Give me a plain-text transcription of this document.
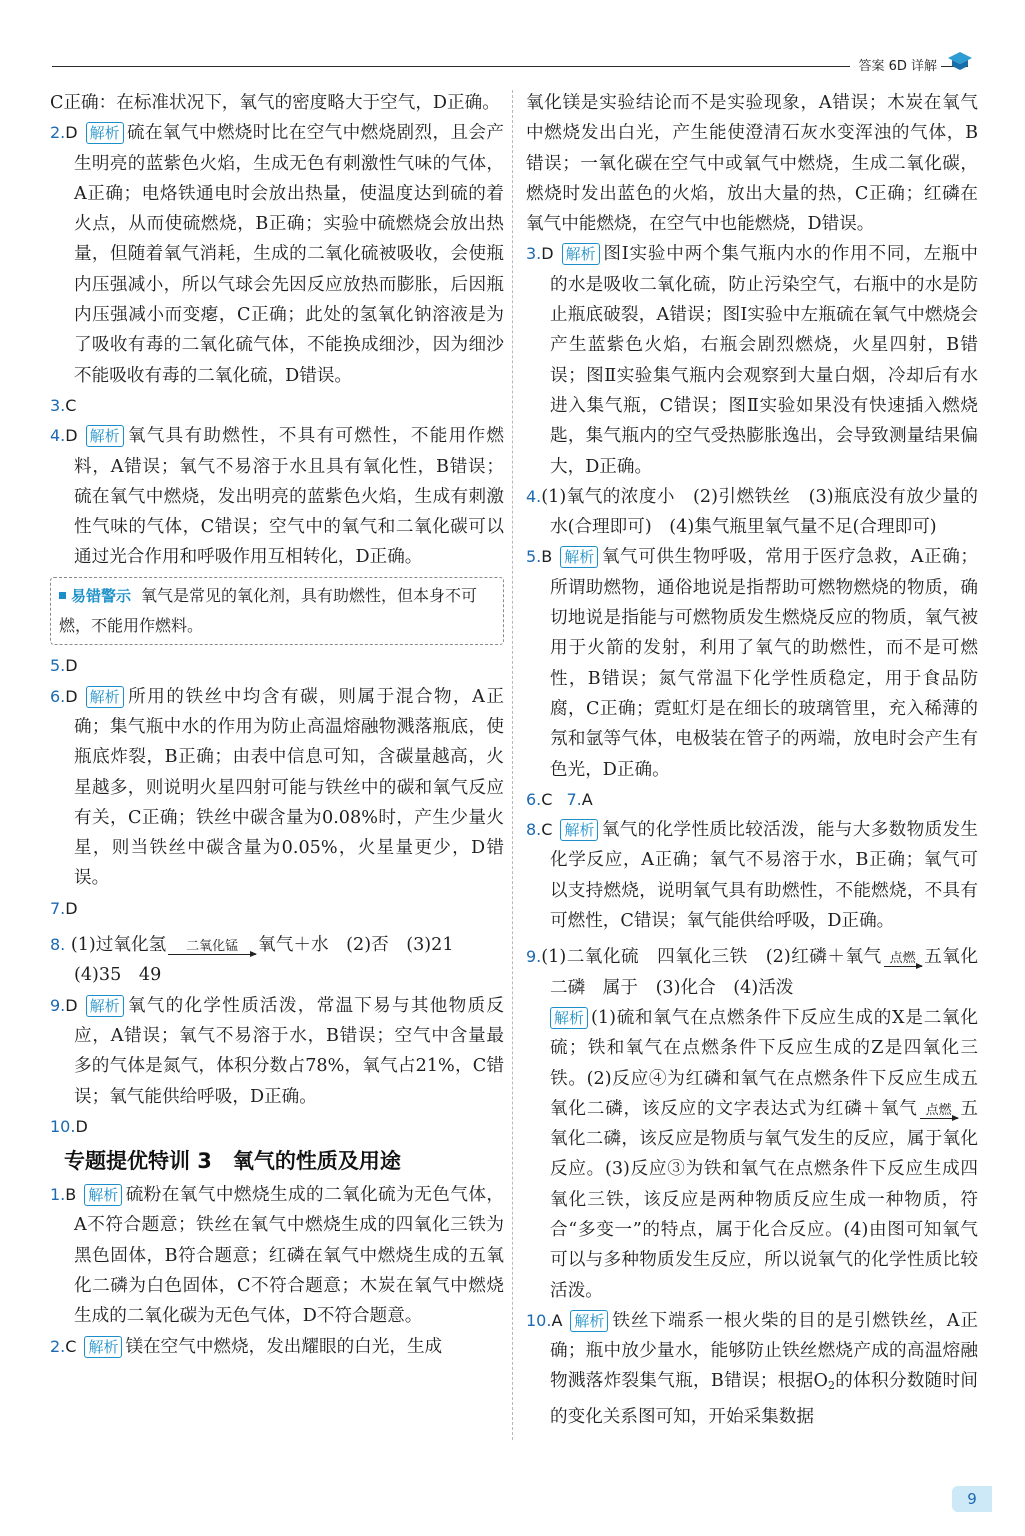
答案 6D 详解

C正确：在标准状况下，氧气的密度略大于空气，D正确。

2.D 解析 硫在氧气中燃烧时比在空气中燃烧剧烈，且会产生明亮的蓝紫色火焰，生成无色有刺激性气味的气体，A正确；电烙铁通电时会放出热量，使温度达到硫的着火点，从而使硫燃烧，B正确；实验中硫燃烧会放出热量，但随着氧气消耗，生成的二氧化硫被吸收，会使瓶内压强减小，所以气球会先因反应放热而膨胀，后因瓶内压强减小而变瘪，C正确；此处的氢氧化钠溶液是为了吸收有毒的二氧化硫气体，不能换成细沙，因为细沙不能吸收有毒的二氧化硫，D错误。

3.C

4.D 解析 氧气具有助燃性，不具有可燃性，不能用作燃料，A错误；氧气不易溶于水且具有氧化性，B错误；硫在氧气中燃烧，发出明亮的蓝紫色火焰，生成有刺激性气味的气体，C错误；空气中的氧气和二氧化碳可以通过光合作用和呼吸作用互相转化，D正确。

易错警示 氧气是常见的氧化剂，具有助燃性，但本身不可燃，不能用作燃料。

5.D

6.D 解析 所用的铁丝中均含有碳，则属于混合物，A正确；集气瓶中水的作用为防止高温熔融物溅落瓶底，使瓶底炸裂，B正确；由表中信息可知，含碳量越高，火星越多，则说明火星四射可能与铁丝中的碳和氧气反应有关，C正确；铁丝中碳含量为0.08%时，产生少量火星，则当铁丝中碳含量为0.05%，火星量更少，D错误。

7.D

8. (1)过氧化氢	二氧化锰	氧气＋水　(2)否　(3)21
(4)35　49

9.D 解析 氧气的化学性质活泼，常温下易与其他物质反应，A错误；氧气不易溶于水，B错误；空气中含量最多的气体是氮气，体积分数占78%，氧气占21%，C错误；氧气能供给呼吸，D正确。

10.D

专题提优特训 3　氧气的性质及用途

1.B 解析 硫粉在氧气中燃烧生成的二氧化硫为无色气体，A不符合题意；铁丝在氧气中燃烧生成的四氧化三铁为黑色固体，B符合题意；红磷在氧气中燃烧生成的五氧化二磷为白色固体，C不符合题意；木炭在氧气中燃烧生成的二氧化碳为无色气体，D不符合题意。

2.C 解析 镁在空气中燃烧，发出耀眼的白光，生成

氧化镁是实验结论而不是实验现象，A错误；木炭在氧气中燃烧发出白光，产生能使澄清石灰水变浑浊的气体，B错误；一氧化碳在空气中或氧气中燃烧，生成二氧化碳，燃烧时发出蓝色的火焰，放出大量的热，C正确；红磷在氧气中能燃烧，在空气中也能燃烧，D错误。

3.D 解析 图Ⅰ实验中两个集气瓶内水的作用不同，左瓶中的水是吸收二氧化硫，防止污染空气，右瓶中的水是防止瓶底破裂，A错误；图Ⅰ实验中左瓶硫在氧气中燃烧会产生蓝紫色火焰，右瓶会剧烈燃烧，火星四射，B错误；图Ⅱ实验集气瓶内会观察到大量白烟，冷却后有水进入集气瓶，C错误；图Ⅱ实验如果没有快速插入燃烧匙，集气瓶内的空气受热膨胀逸出，会导致测量结果偏大，D正确。

4.(1)氧气的浓度小　(2)引燃铁丝　(3)瓶底没有放少量的水(合理即可)　(4)集气瓶里氧气量不足(合理即可)

5.B 解析 氧气可供生物呼吸，常用于医疗急救，A正确；所谓助燃物，通俗地说是指帮助可燃物燃烧的物质，确切地说是指能与可燃物质发生燃烧反应的物质，氧气被用于火箭的发射，利用了氧气的助燃性，而不是可燃性，B错误；氮气常温下化学性质稳定，用于食品防腐，C正确；霓虹灯是在细长的玻璃管里，充入稀薄的氖和氩等气体，电极装在管子的两端，放电时会产生有色光，D正确。

6.C 7.A

8.C 解析 氧气的化学性质比较活泼，能与大多数物质发生化学反应，A正确；氧气不易溶于水，B正确；氧气可以支持燃烧，说明氧气具有助燃性，不能燃烧，不具有可燃性，C错误；氧气能供给呼吸，D正确。

9.(1)二氧化硫　四氧化三铁　(2)红磷＋氧气 点燃 五氧化二磷　属于　(3)化合　(4)活泼
解析 (1)硫和氧气在点燃条件下反应生成的X是二氧化硫；铁和氧气在点燃条件下反应生成的Z是四氧化三铁。(2)反应④为红磷和氧气在点燃条件下反应生成五氧化二磷，该反应的文字表达式为红磷＋氧气 点燃 五氧化二磷，该反应是物质与氧气发生的反应，属于氧化反应。(3)反应③为铁和氧气在点燃条件下反应生成四氧化三铁，该反应是两种物质反应生成一种物质，符合“多变一”的特点，属于化合反应。(4)由图可知氧气可以与多种物质发生反应，所以说氧气的化学性质比较活泼。

10.A 解析 铁丝下端系一根火柴的目的是引燃铁丝，A正确；瓶中放少量水，能够防止铁丝燃烧产成的高温熔融物溅落炸裂集气瓶，B错误；根据$O_2$的体积分数随时间的变化关系图可知，开始采集数据

9
